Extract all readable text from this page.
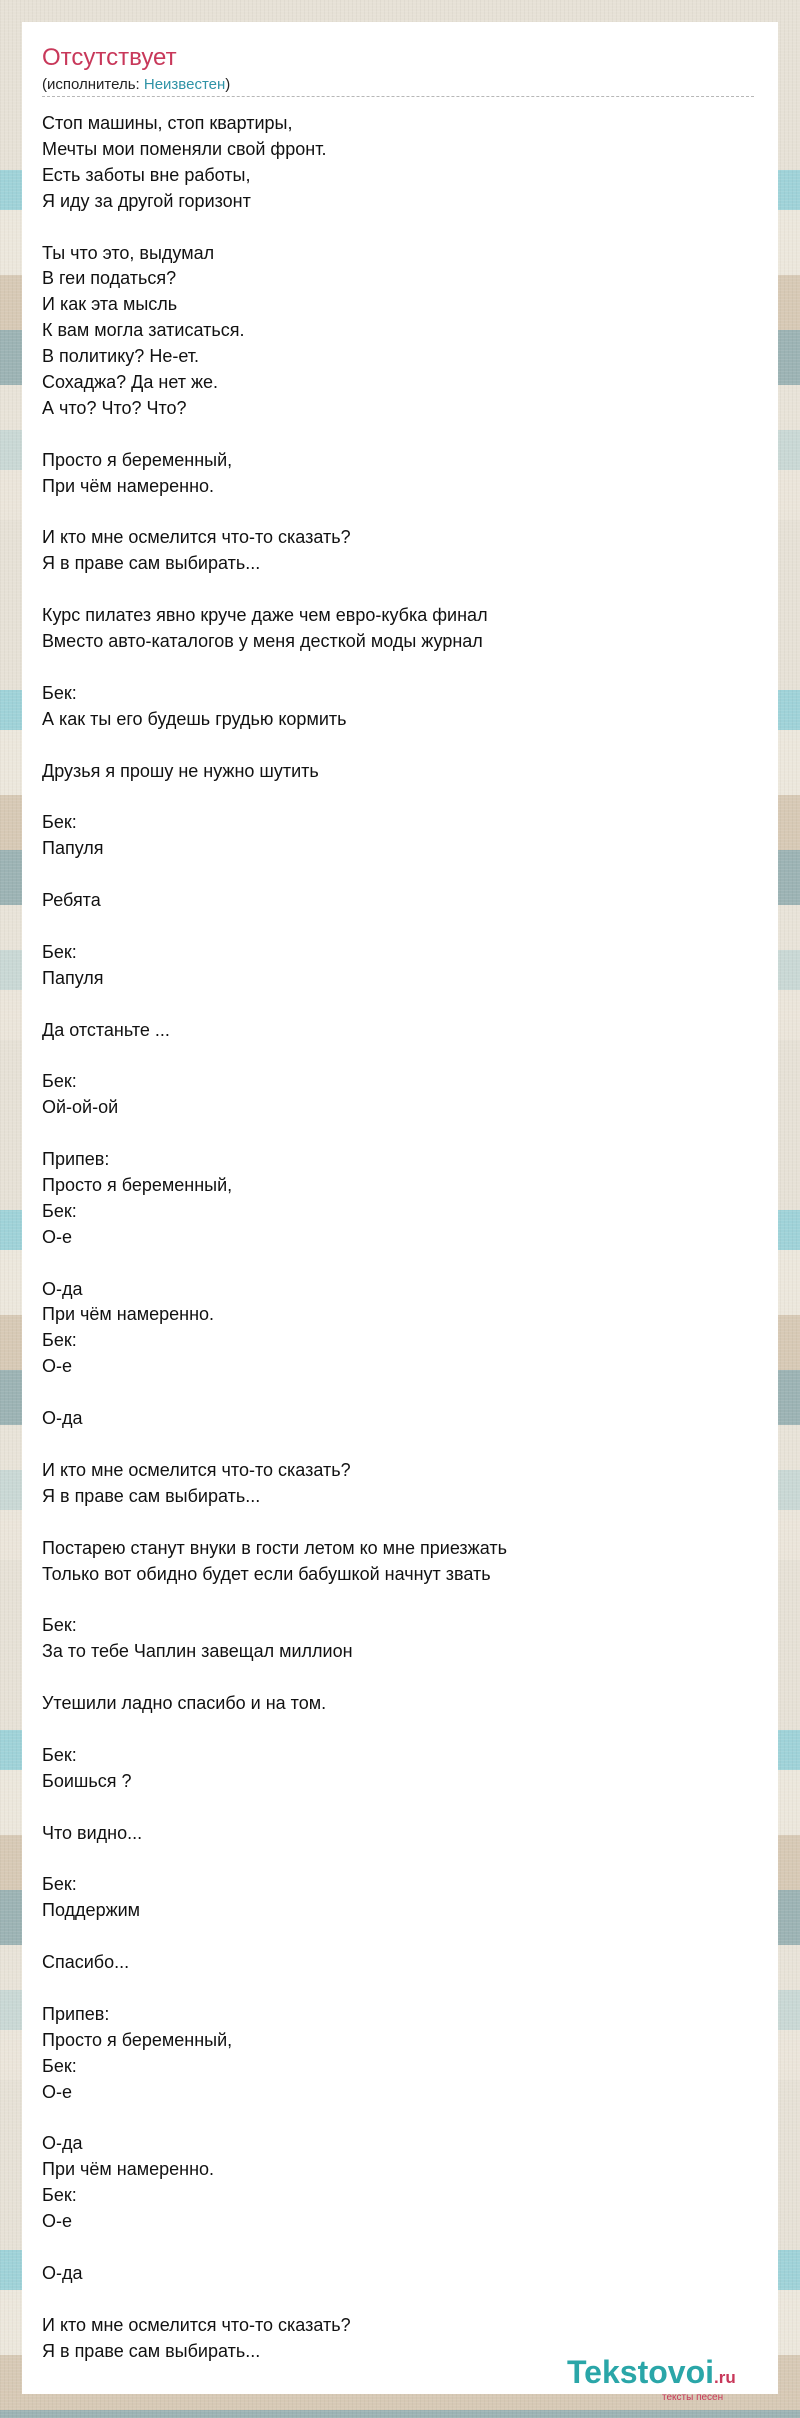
Отсутствует
(исполнитель: Неизвестен)
Стоп машины, стоп квартиры,
Мечты мои поменяли свой фронт.
Есть заботы вне работы,
Я иду за другой горизонт
Ты что это, выдумал
В геи податься?
И как эта мысль
К вам могла затисаться.
В политику? Не-ет.
Сохаджа? Да нет же.
А что? Что? Что?
Просто я беременный,
При чём намеренно.
И кто мне осмелится что-то сказать?
Я в праве сам выбирать...
Курс пилатез явно круче даже чем евро-кубка финал
Вместо авто-каталогов у меня десткой моды журнал
Бек:
А как ты его будешь грудью кормить
Друзья я прошу не нужно шутить
Бек:
Папуля
Ребята
Бек:
Папуля
Да отстаньте ...
Бек:
Ой-ой-ой
Припев:
Просто я беременный,
Бек:
О-е
О-да
При чём намеренно.
Бек:
О-е
О-да
И кто мне осмелится что-то сказать?
Я в праве сам выбирать...
Постарею станут внуки в гости летом ко мне приезжать
Только вот обидно будет если бабушкой начнут звать
Бек:
За то тебе Чаплин завещал миллион
Утешили ладно спасибо и на том.
Бек:
Боишься ?
Что видно...
Бек:
Поддержим
Спасибо...
Припев:
Просто я беременный,
Бек:
О-е
О-да
При чём намеренно.
Бек:
О-е
О-да
И кто мне осмелится что-то сказать?
Я в праве сам выбирать...
Tekstovoi.ru
тексты песен
